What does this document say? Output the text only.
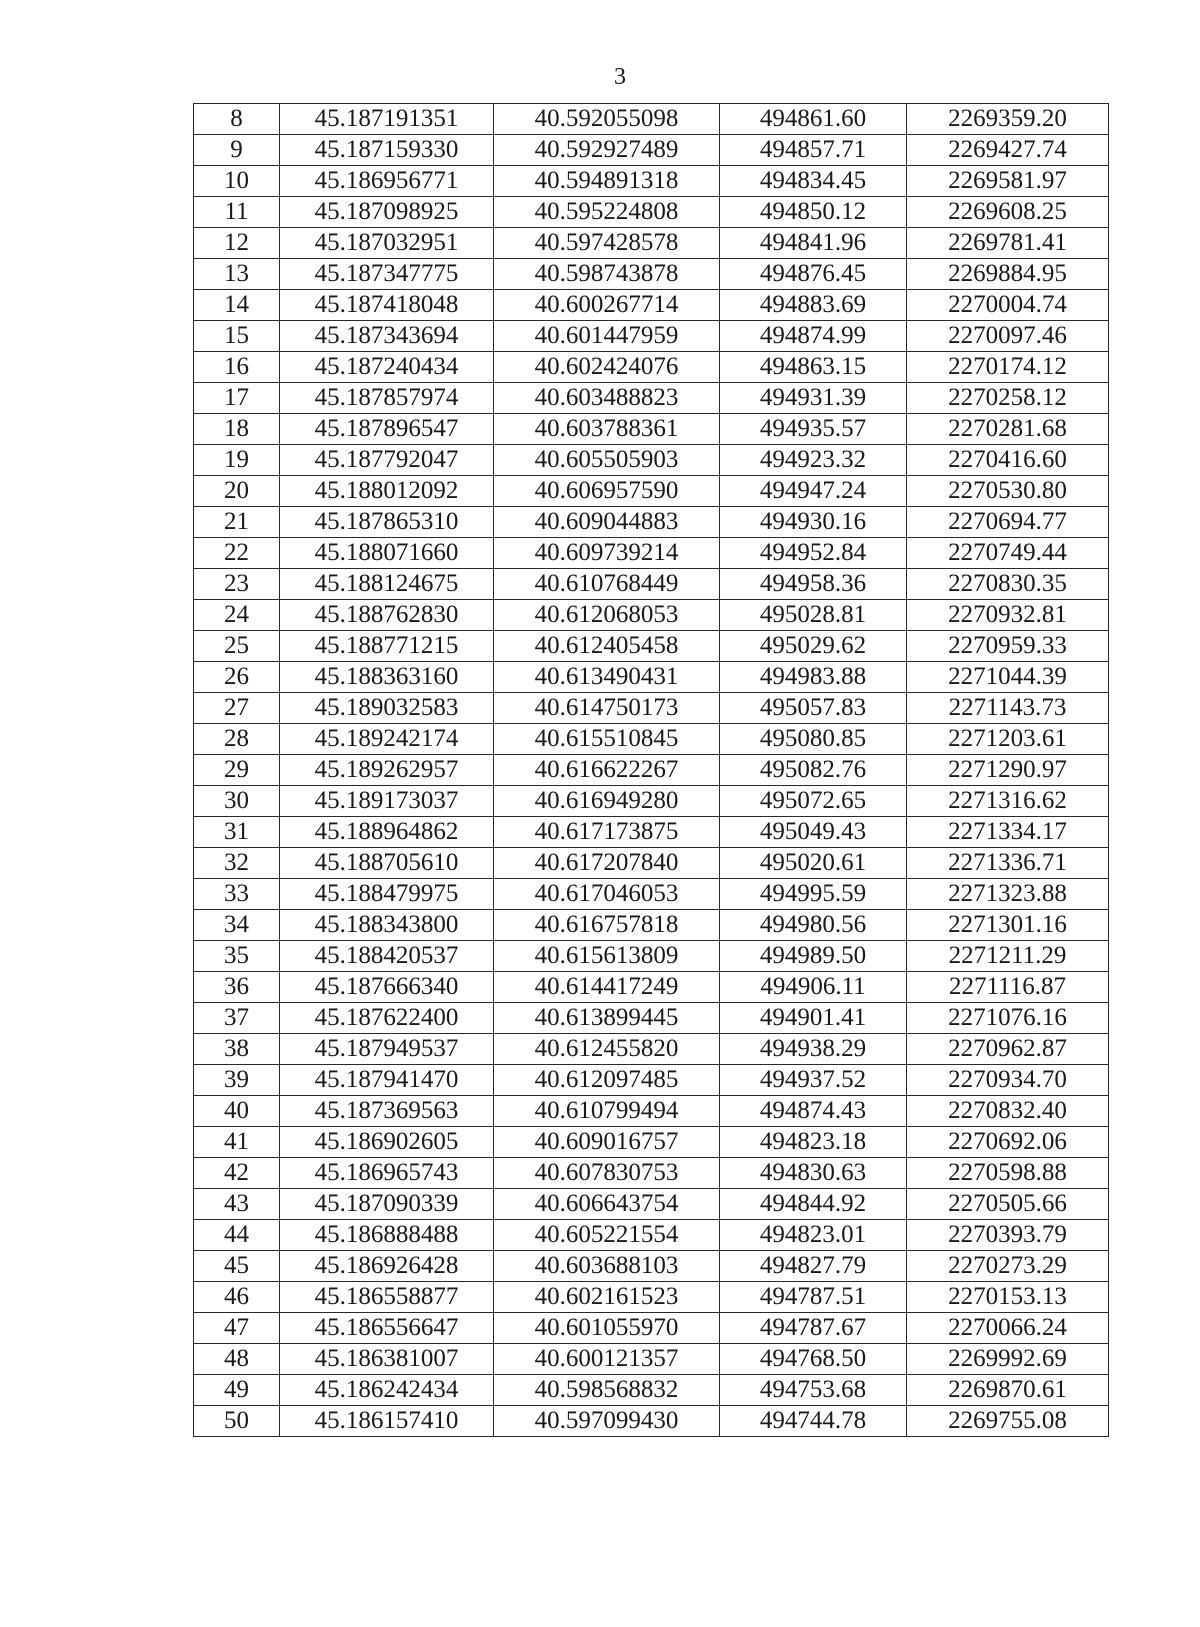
3
8	45.187191351	40.592055098	494861.60	2269359.20
9	45.187159330	40.592927489	494857.71	2269427.74
10	45.186956771	40.594891318	494834.45	2269581.97
11	45.187098925	40.595224808	494850.12	2269608.25
12	45.187032951	40.597428578	494841.96	2269781.41
13	45.187347775	40.598743878	494876.45	2269884.95
14	45.187418048	40.600267714	494883.69	2270004.74
15	45.187343694	40.601447959	494874.99	2270097.46
16	45.187240434	40.602424076	494863.15	2270174.12
17	45.187857974	40.603488823	494931.39	2270258.12
18	45.187896547	40.603788361	494935.57	2270281.68
19	45.187792047	40.605505903	494923.32	2270416.60
20	45.188012092	40.606957590	494947.24	2270530.80
21	45.187865310	40.609044883	494930.16	2270694.77
22	45.188071660	40.609739214	494952.84	2270749.44
23	45.188124675	40.610768449	494958.36	2270830.35
24	45.188762830	40.612068053	495028.81	2270932.81
25	45.188771215	40.612405458	495029.62	2270959.33
26	45.188363160	40.613490431	494983.88	2271044.39
27	45.189032583	40.614750173	495057.83	2271143.73
28	45.189242174	40.615510845	495080.85	2271203.61
29	45.189262957	40.616622267	495082.76	2271290.97
30	45.189173037	40.616949280	495072.65	2271316.62
31	45.188964862	40.617173875	495049.43	2271334.17
32	45.188705610	40.617207840	495020.61	2271336.71
33	45.188479975	40.617046053	494995.59	2271323.88
34	45.188343800	40.616757818	494980.56	2271301.16
35	45.188420537	40.615613809	494989.50	2271211.29
36	45.187666340	40.614417249	494906.11	2271116.87
37	45.187622400	40.613899445	494901.41	2271076.16
38	45.187949537	40.612455820	494938.29	2270962.87
39	45.187941470	40.612097485	494937.52	2270934.70
40	45.187369563	40.610799494	494874.43	2270832.40
41	45.186902605	40.609016757	494823.18	2270692.06
42	45.186965743	40.607830753	494830.63	2270598.88
43	45.187090339	40.606643754	494844.92	2270505.66
44	45.186888488	40.605221554	494823.01	2270393.79
45	45.186926428	40.603688103	494827.79	2270273.29
46	45.186558877	40.602161523	494787.51	2270153.13
47	45.186556647	40.601055970	494787.67	2270066.24
48	45.186381007	40.600121357	494768.50	2269992.69
49	45.186242434	40.598568832	494753.68	2269870.61
50	45.186157410	40.597099430	494744.78	2269755.08
